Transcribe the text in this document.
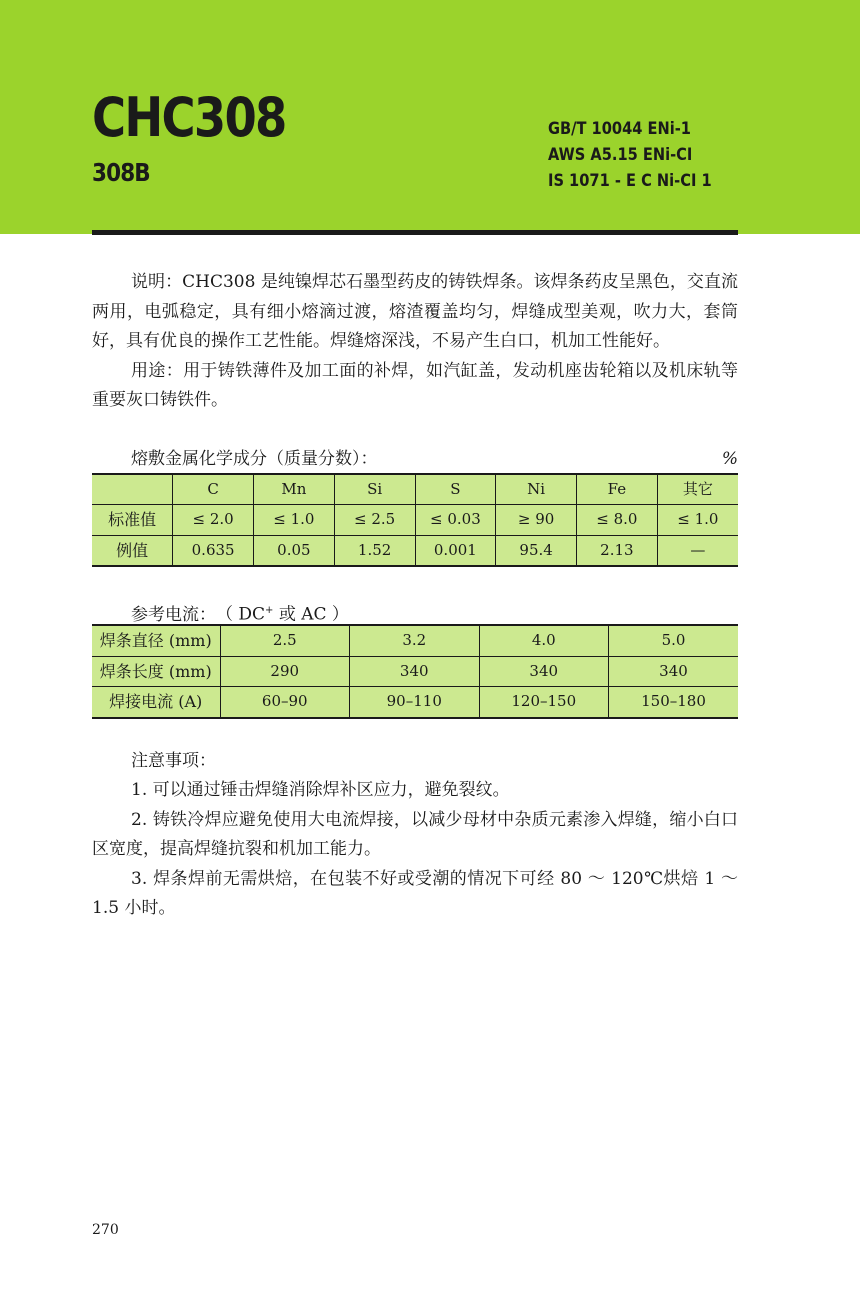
CHC308
308B
GB/T 10044 ENi-1
AWS A5.15 ENi-CI
IS 1071 - E C Ni-CI 1

说明：CHC308 是纯镍焊芯石墨型药皮的铸铁焊条。该焊条药皮呈黑色，交直流两用，电弧稳定，具有细小熔滴过渡，熔渣覆盖均匀，焊缝成型美观，吹力大，套筒好，具有优良的操作工艺性能。焊缝熔深浅，不易产生白口，机加工性能好。

用途：用于铸铁薄件及加工面的补焊，如汽缸盖，发动机座齿轮箱以及机床轨等重要灰口铸铁件。

熔敷金属化学成分（质量分数）：	%
	C	Mn	Si	S	Ni	Fe	其它
标准值	≤ 2.0	≤ 1.0	≤ 2.5	≤ 0.03	≥ 90	≤ 8.0	≤ 1.0
例值	0.635	0.05	1.52	0.001	95.4	2.13	—
参考电流： （ DC+ 或 AC ）
焊条直径 (mm)	2.5	3.2	4.0	5.0
焊条长度 (mm)	290	340	340	340
焊接电流 (A)	60–90	90–110	120–150	150–180

注意事项：

1. 可以通过锤击焊缝消除焊补区应力，避免裂纹。

2. 铸铁冷焊应避免使用大电流焊接，以减少母材中杂质元素渗入焊缝，缩小白口区宽度，提高焊缝抗裂和机加工能力。

3. 焊条焊前无需烘焙，在包装不好或受潮的情况下可经 80 ～ 120℃烘焙 1 ～ 1.5 小时。

270
